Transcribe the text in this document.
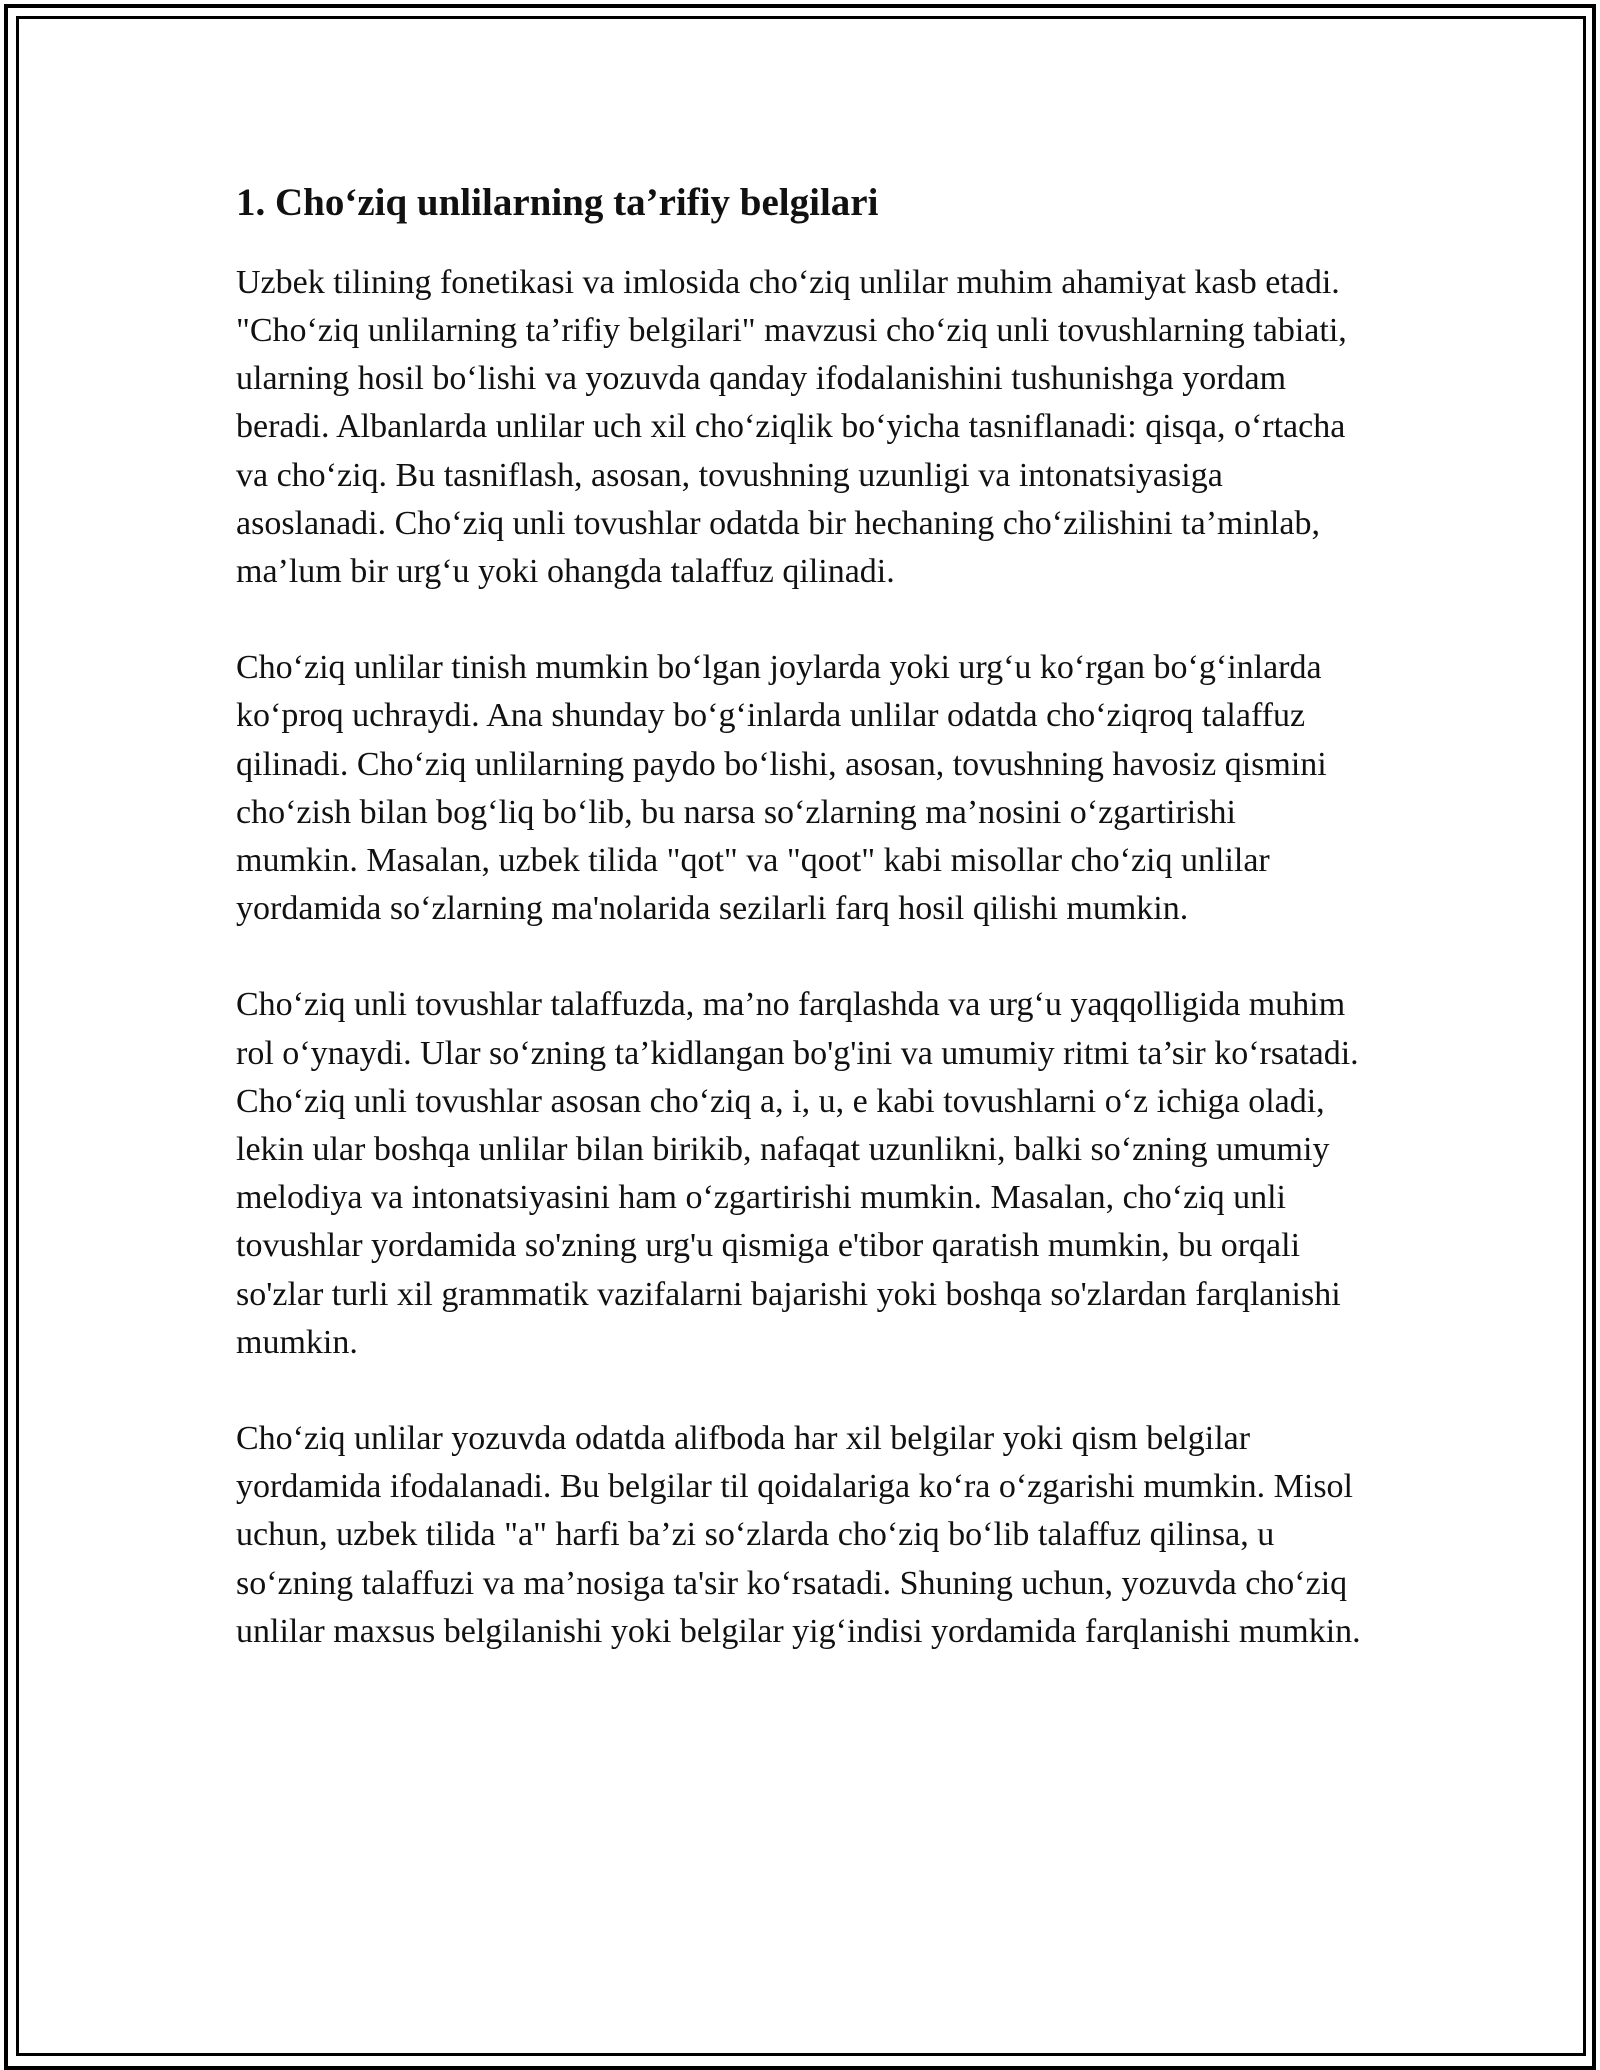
1. Cho‘ziq unlilarning ta’rifiy belgilari

Uzbek tilining fonetikasi va imlosida cho‘ziq unlilar muhim ahamiyat kasb etadi. "Cho‘ziq unlilarning ta’rifiy belgilari" mavzusi cho‘ziq unli tovushlarning tabiati, ularning hosil bo‘lishi va yozuvda qanday ifodalanishini tushunishga yordam beradi. Albanlarda unlilar uch xil cho‘ziqlik bo‘yicha tasniflanadi: qisqa, o‘rtacha va cho‘ziq. Bu tasniflash, asosan, tovushning uzunligi va intonatsiyasiga asoslanadi. Cho‘ziq unli tovushlar odatda bir hechaning cho‘zilishini ta’minlab, ma’lum bir urg‘u yoki ohangda talaffuz qilinadi.

Cho‘ziq unlilar tinish mumkin bo‘lgan joylarda yoki urg‘u ko‘rgan bo‘g‘inlarda ko‘proq uchraydi. Ana shunday bo‘g‘inlarda unlilar odatda cho‘ziqroq talaffuz qilinadi. Cho‘ziq unlilarning paydo bo‘lishi, asosan, tovushning havosiz qismini cho‘zish bilan bog‘liq bo‘lib, bu narsa so‘zlarning ma’nosini o‘zgartirishi mumkin. Masalan, uzbek tilida "qot" va "qoot" kabi misollar cho‘ziq unlilar yordamida so‘zlarning ma'nolarida sezilarli farq hosil qilishi mumkin.

Cho‘ziq unli tovushlar talaffuzda, ma’no farqlashda va urg‘u yaqqolligida muhim rol o‘ynaydi. Ular so‘zning ta’kidlangan bo'g'ini va umumiy ritmi ta’sir ko‘rsatadi. Cho‘ziq unli tovushlar asosan cho‘ziq a, i, u, e kabi tovushlarni o‘z ichiga oladi, lekin ular boshqa unlilar bilan birikib, nafaqat uzunlikni, balki so‘zning umumiy melodiya va intonatsiyasini ham o‘zgartirishi mumkin. Masalan, cho‘ziq unli tovushlar yordamida so'zning urg'u qismiga e'tibor qaratish mumkin, bu orqali so'zlar turli xil grammatik vazifalarni bajarishi yoki boshqa so'zlardan farqlanishi mumkin.

Cho‘ziq unlilar yozuvda odatda alifboda har xil belgilar yoki qism belgilar yordamida ifodalanadi. Bu belgilar til qoidalariga ko‘ra o‘zgarishi mumkin. Misol uchun, uzbek tilida "a" harfi ba’zi so‘zlarda cho‘ziq bo‘lib talaffuz qilinsa, u so‘zning talaffuzi va ma’nosiga ta'sir ko‘rsatadi. Shuning uchun, yozuvda cho‘ziq unlilar maxsus belgilanishi yoki belgilar yig‘indisi yordamida farqlanishi mumkin.
